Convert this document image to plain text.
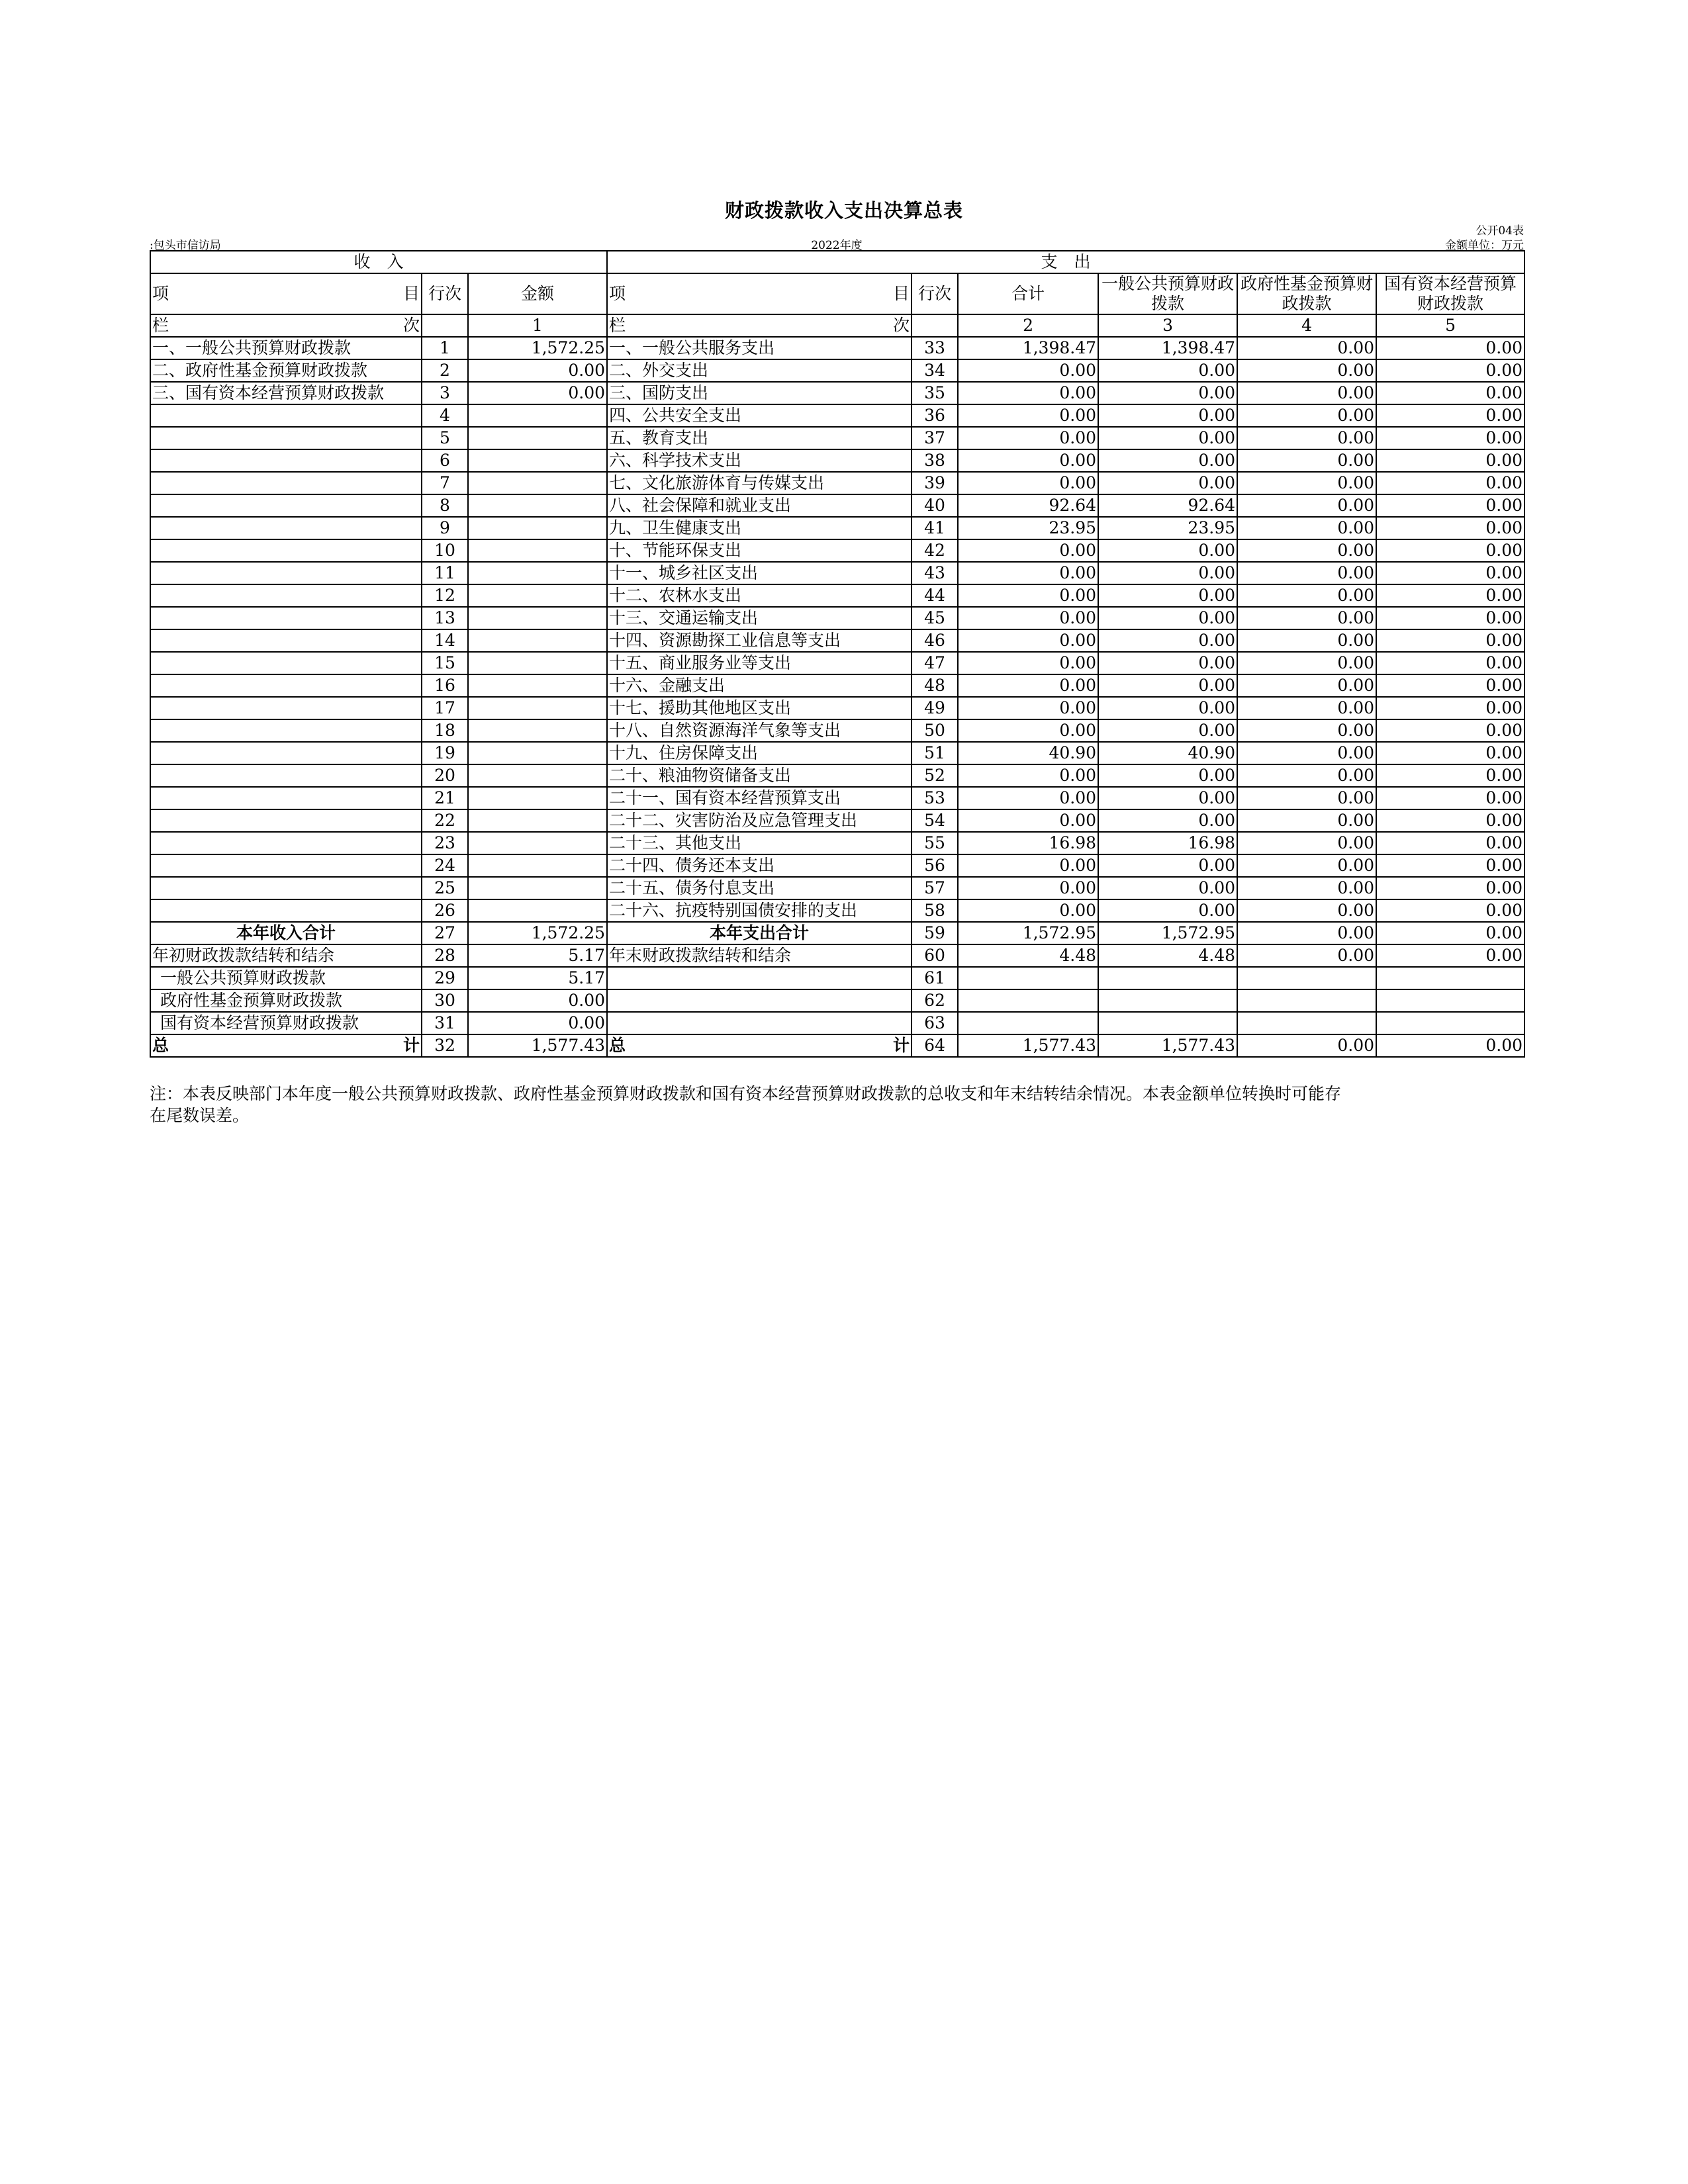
财政拨款收入支出决算总表
公开04表
:包头市信访局	2022年度	金额单位：万元
收　入			支　出					

项 目	行次	金额	项 目	行次	合计	一般公共预算财政拨款	政府性基金预算财政拨款	国有资本经营预算财政拨款

栏 次		1	栏 次		2	3	4	5
一、一般公共预算财政拨款	1	1,572.25	一、一般公共服务支出	33	1,398.47	1,398.47	0.00	0.00
二、政府性基金预算财政拨款	2	0.00	二、外交支出	34	0.00	0.00	0.00	0.00
三、国有资本经营预算财政拨款	3	0.00	三、国防支出	35	0.00	0.00	0.00	0.00
	4		四、公共安全支出	36	0.00	0.00	0.00	0.00
	5		五、教育支出	37	0.00	0.00	0.00	0.00
	6		六、科学技术支出	38	0.00	0.00	0.00	0.00
	7		七、文化旅游体育与传媒支出	39	0.00	0.00	0.00	0.00
	8		八、社会保障和就业支出	40	92.64	92.64	0.00	0.00
	9		九、卫生健康支出	41	23.95	23.95	0.00	0.00
	10		十、节能环保支出	42	0.00	0.00	0.00	0.00
	11		十一、城乡社区支出	43	0.00	0.00	0.00	0.00
	12		十二、农林水支出	44	0.00	0.00	0.00	0.00
	13		十三、交通运输支出	45	0.00	0.00	0.00	0.00
	14		十四、资源勘探工业信息等支出	46	0.00	0.00	0.00	0.00
	15		十五、商业服务业等支出	47	0.00	0.00	0.00	0.00
	16		十六、金融支出	48	0.00	0.00	0.00	0.00
	17		十七、援助其他地区支出	49	0.00	0.00	0.00	0.00
	18		十八、自然资源海洋气象等支出	50	0.00	0.00	0.00	0.00
	19		十九、住房保障支出	51	40.90	40.90	0.00	0.00
	20		二十、粮油物资储备支出	52	0.00	0.00	0.00	0.00
	21		二十一、国有资本经营预算支出	53	0.00	0.00	0.00	0.00
	22		二十二、灾害防治及应急管理支出	54	0.00	0.00	0.00	0.00
	23		二十三、其他支出	55	16.98	16.98	0.00	0.00
	24		二十四、债务还本支出	56	0.00	0.00	0.00	0.00
	25		二十五、债务付息支出	57	0.00	0.00	0.00	0.00
	26		二十六、抗疫特别国债安排的支出	58	0.00	0.00	0.00	0.00
本年收入合计	27	1,572.25	本年支出合计	59	1,572.95	1,572.95	0.00	0.00
年初财政拨款结转和结余	28	5.17	年末财政拨款结转和结余	60	4.48	4.48	0.00	0.00
一般公共预算财政拨款	29	5.17		61				
政府性基金预算财政拨款	30	0.00		62				
国有资本经营预算财政拨款	31	0.00		63				

总 计	32	1,577.43	总 计	64	1,577.43	1,577.43	0.00	0.00
注：本表反映部门本年度一般公共预算财政拨款、政府性基金预算财政拨款和国有资本经营预算财政拨款的总收支和年末结转结余情况。本表金额单位转换时可能存
在尾数误差。
